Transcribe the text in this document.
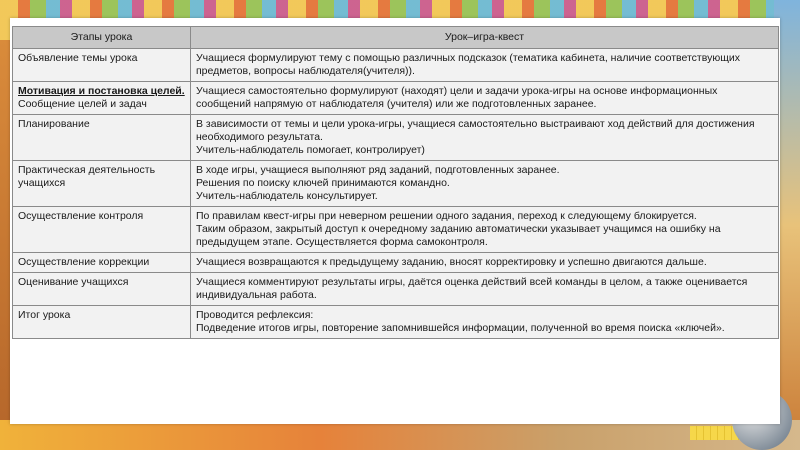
Этапы урока	Урок–игра-квест

Объявление темы урока	Учащиеся формулируют тему с помощью различных подсказок (тематика кабинета, наличие соответствующих предметов, вопросы наблюдателя(учителя)).

Мотивация и постановка целей.
Сообщение целей и задач	Учащиеся самостоятельно формулируют (находят) цели и задачи урока-игры на основе информационных сообщений напрямую от наблюдателя (учителя) или же подготовленных заранее.

Планирование	В зависимости от темы и цели урока-игры, учащиеся самостоятельно выстраивают ход действий для достижения необходимого результата.
Учитель-наблюдатель помогает, контролирует)

Практическая деятельность учащихся	В ходе игры, учащиеся выполняют ряд заданий, подготовленных заранее.
Решения по поиску ключей принимаются командно.
Учитель-наблюдатель консультирует.

Осуществление контроля	По правилам квест-игры при неверном решении одного задания, переход к следующему блокируется.
Таким образом, закрытый доступ к очередному заданию автоматически указывает учащимся на ошибку на предыдущем этапе. Осуществляется форма самоконтроля.

Осуществление коррекции	Учащиеся возвращаются к предыдущему заданию, вносят корректировку и успешно двигаются дальше.

Оценивание учащихся	Учащиеся комментируют результаты игры, даётся оценка действий всей команды в целом, а также оценивается индивидуальная работа.

Итог урока	Проводится рефлексия:
Подведение итогов игры, повторение запомнившейся информации, полученной во время поиска «ключей».
